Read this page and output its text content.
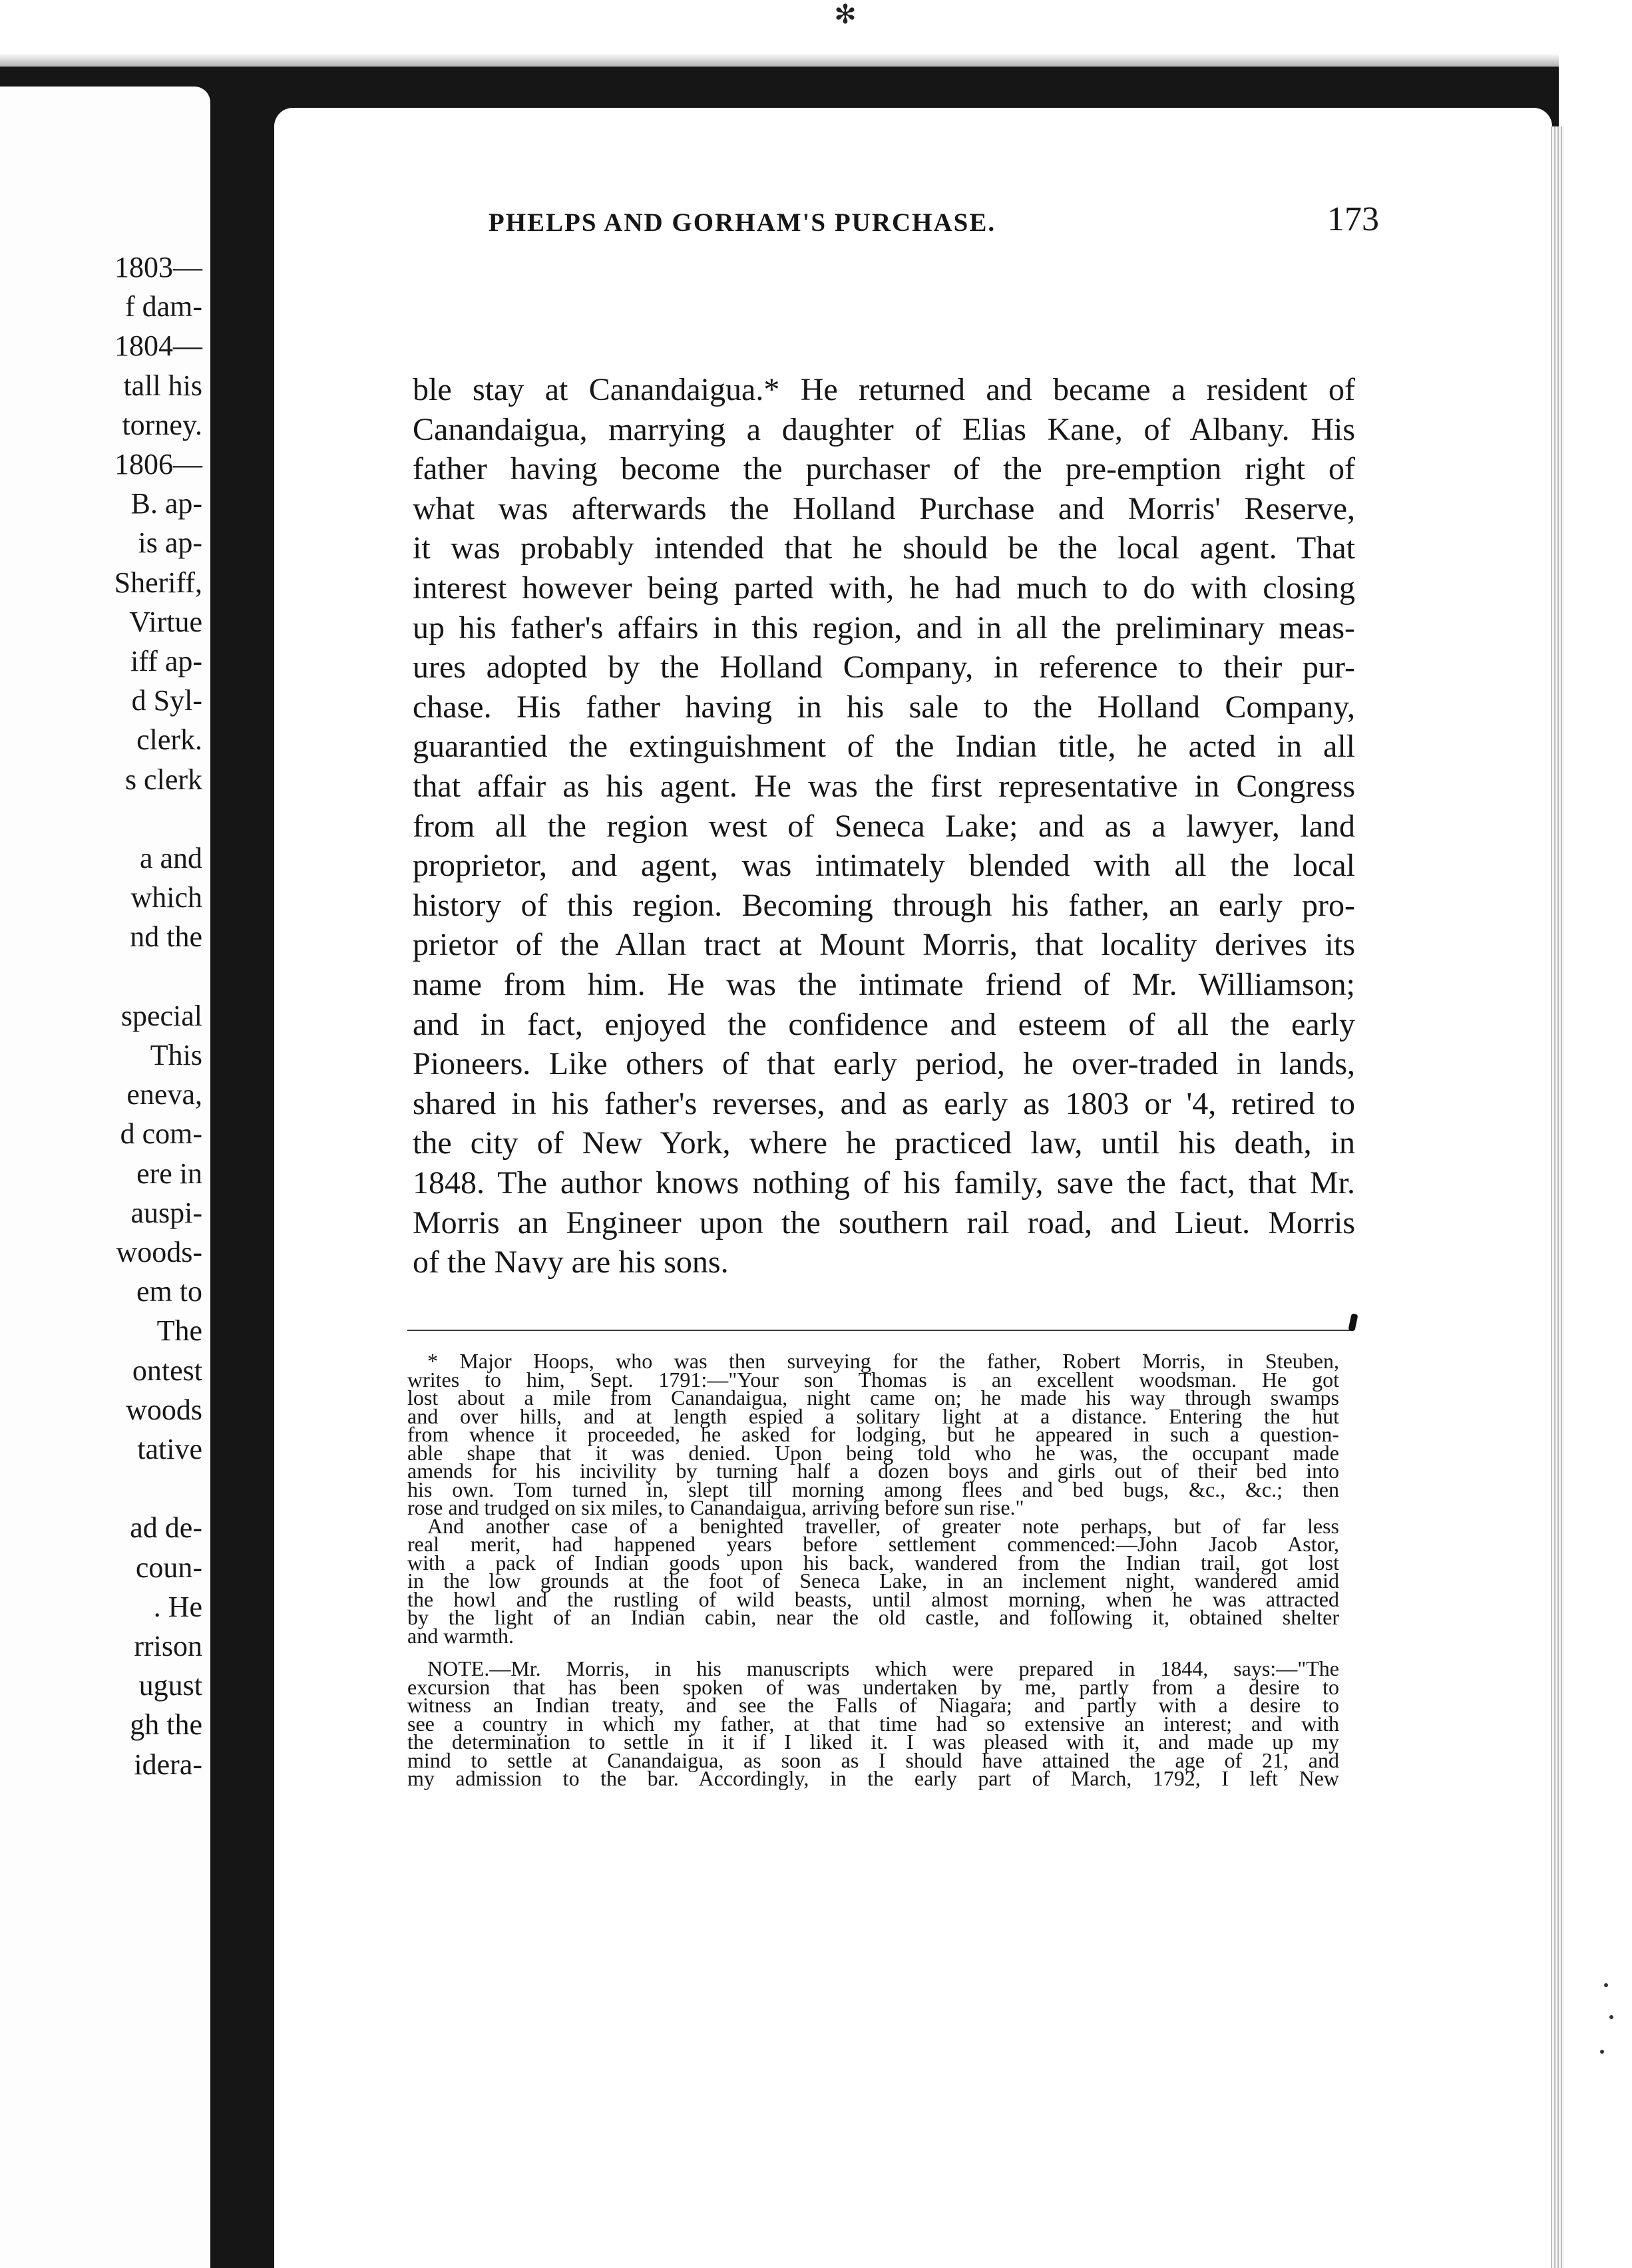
✻
1803—
f dam-
1804—
tall his
torney.
1806—
B. ap-
is ap-
Sheriff,
Virtue
iff ap-
d Syl-
clerk.
s clerk
a and
which
nd the
special
This
eneva,
d com-
ere in
auspi-
woods-
em to
The
ontest
woods
tative
ad de-
coun-
. He
rrison
ugust
gh the
idera-
PHELPS AND GORHAM'S PURCHASE.	173
ble stay at Canandaigua.* He returned and became a resident of
Canandaigua, marrying a daughter of Elias Kane, of Albany. His
father having become the purchaser of the pre-emption right of
what was afterwards the Holland Purchase and Morris' Reserve,
it was probably intended that he should be the local agent. That
interest however being parted with, he had much to do with closing
up his father's affairs in this region, and in all the preliminary meas-
ures adopted by the Holland Company, in reference to their pur-
chase. His father having in his sale to the Holland Company,
guarantied the extinguishment of the Indian title, he acted in all
that affair as his agent. He was the first representative in Congress
from all the region west of Seneca Lake; and as a lawyer, land
proprietor, and agent, was intimately blended with all the local
history of this region. Becoming through his father, an early pro-
prietor of the Allan tract at Mount Morris, that locality derives its
name from him. He was the intimate friend of Mr. Williamson;
and in fact, enjoyed the confidence and esteem of all the early
Pioneers. Like others of that early period, he over-traded in lands,
shared in his father's reverses, and as early as 1803 or '4, retired to
the city of New York, where he practiced law, until his death, in
1848. The author knows nothing of his family, save the fact, that Mr.
Morris an Engineer upon the southern rail road, and Lieut. Morris
of the Navy are his sons.
* Major Hoops, who was then surveying for the father, Robert Morris, in Steuben,
writes to him, Sept. 1791:—"Your son Thomas is an excellent woodsman. He got
lost about a mile from Canandaigua, night came on; he made his way through swamps
and over hills, and at length espied a solitary light at a distance. Entering the hut
from whence it proceeded, he asked for lodging, but he appeared in such a question-
able shape that it was denied. Upon being told who he was, the occupant made
amends for his incivility by turning half a dozen boys and girls out of their bed into
his own. Tom turned in, slept till morning among flees and bed bugs, &c., &c.; then
rose and trudged on six miles, to Canandaigua, arriving before sun rise."
And another case of a benighted traveller, of greater note perhaps, but of far less
real merit, had happened years before settlement commenced:—John Jacob Astor,
with a pack of Indian goods upon his back, wandered from the Indian trail, got lost
in the low grounds at the foot of Seneca Lake, in an inclement night, wandered amid
the howl and the rustling of wild beasts, until almost morning, when he was attracted
by the light of an Indian cabin, near the old castle, and following it, obtained shelter
and warmth.
NOTE.—Mr. Morris, in his manuscripts which were prepared in 1844, says:—"The
excursion that has been spoken of was undertaken by me, partly from a desire to
witness an Indian treaty, and see the Falls of Niagara; and partly with a desire to
see a country in which my father, at that time had so extensive an interest; and with
the determination to settle in it if I liked it. I was pleased with it, and made up my
mind to settle at Canandaigua, as soon as I should have attained the age of 21, and
my admission to the bar. Accordingly, in the early part of March, 1792, I left New
